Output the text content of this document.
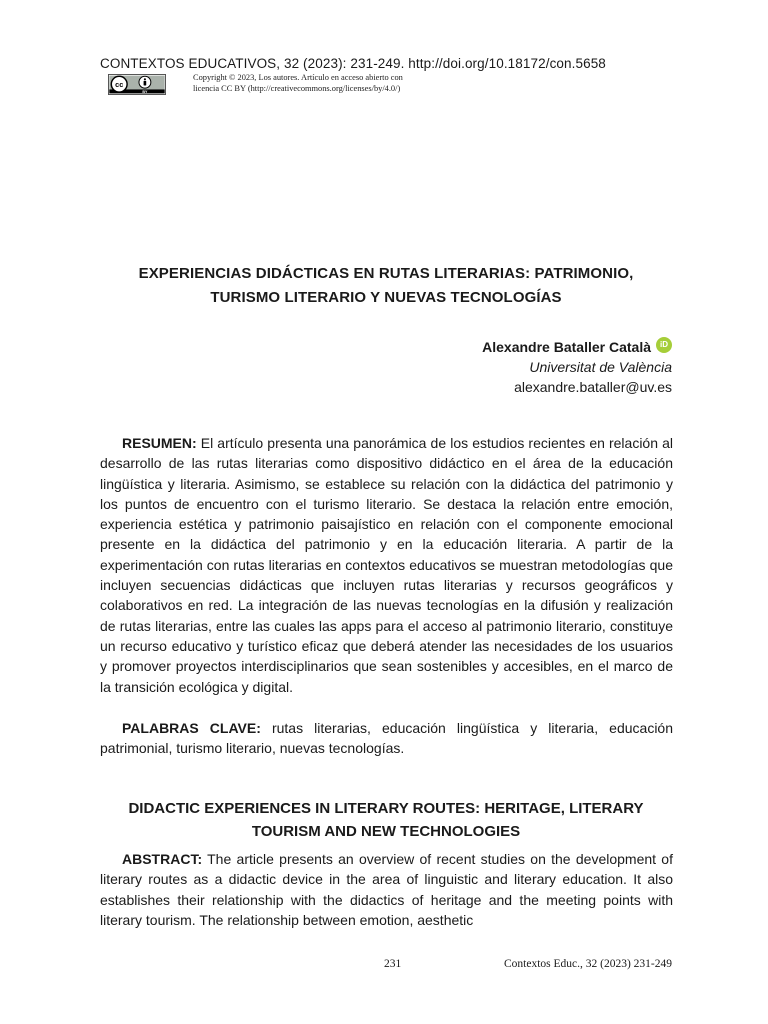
CONTEXTOS EDUCATIVOS, 32 (2023): 231-249. http://doi.org/10.18172/con.5658
cc
BY
Copyright © 2023, Los autores. Artículo en acceso abierto con
licencia CC BY (http://creativecommons.org/licenses/by/4.0/)
EXPERIENCIAS DIDÁCTICAS EN RUTAS LITERARIAS: PATRIMONIO,
TURISMO LITERARIO Y NUEVAS TECNOLOGÍAS
Alexandre Bataller Català	iD
Universitat de València
alexandre.bataller@uv.es

RESUMEN: El artículo presenta una panorámica de los estudios recientes en relación al desarrollo de las rutas literarias como dispositivo didáctico en el área de la educación lingüística y literaria. Asimismo, se establece su relación con la didáctica del patrimonio y los puntos de encuentro con el turismo literario. Se destaca la relación entre emoción, experiencia estética y patrimonio paisajístico en relación con el componente emocional presente en la didáctica del patrimonio y en la educación literaria. A partir de la experimentación con rutas literarias en contextos educativos se muestran metodologías que incluyen secuencias didácticas que incluyen rutas literarias y recursos geográficos y colaborativos en red. La integración de las nuevas tecnologías en la difusión y realización de rutas literarias, entre las cuales las apps para el acceso al patrimonio literario, constituye un recurso educativo y turístico eficaz que deberá atender las necesidades de los usuarios y promover proyectos interdisciplinarios que sean sostenibles y accesibles, en el marco de la transición ecológica y digital.

PALABRAS CLAVE: rutas literarias, educación lingüística y literaria, educación patrimonial, turismo literario, nuevas tecnologías.

DIDACTIC EXPERIENCES IN LITERARY ROUTES: HERITAGE, LITERARY
TOURISM AND NEW TECHNOLOGIES

ABSTRACT: The article presents an overview of recent studies on the development of literary routes as a didactic device in the area of linguistic and literary education. It also establishes their relationship with the didactics of heritage and the meeting points with literary tourism. The relationship between emotion, aesthetic

231	Contextos Educ., 32 (2023) 231-249
